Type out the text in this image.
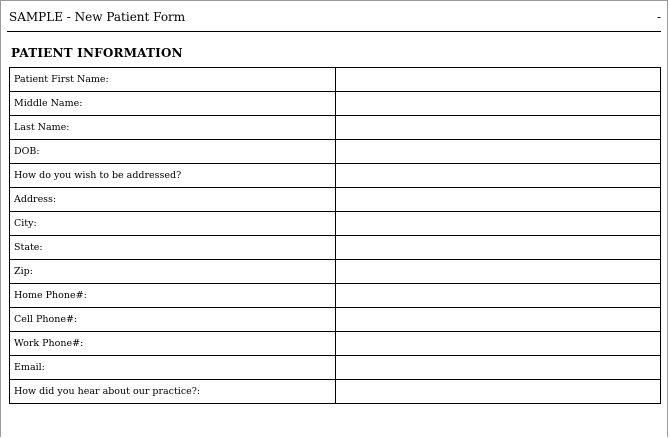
SAMPLE - New Patient Form	-
PATIENT INFORMATION
Patient First Name:	

Middle Name:	

Last Name:	

DOB:	

How do you wish to be addressed?	

Address:	

City:	

State:	

Zip:	

Home Phone#:	

Cell Phone#:	

Work Phone#:	

Email:	

How did you hear about our practice?:	
